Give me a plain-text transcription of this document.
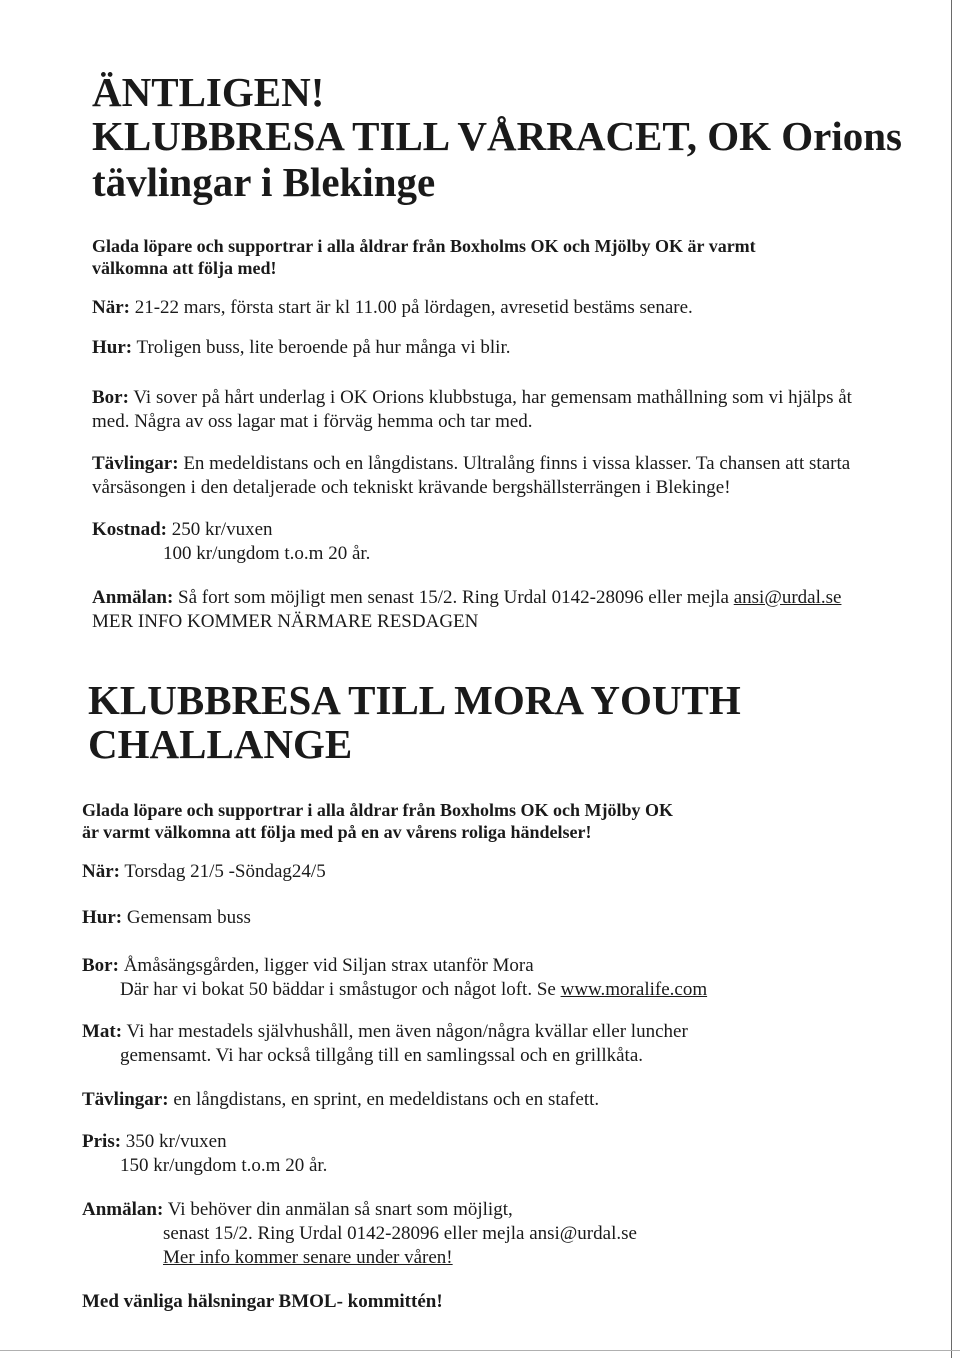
ÄNTLIGEN!
KLUBBRESA TILL VÅRRACET, OK Orions
tävlingar i Blekinge
Glada löpare och supportrar i alla åldrar från Boxholms OK och Mjölby OK är varmt
välkomna att följa med!
När: 21-22 mars, första start är kl 11.00 på lördagen, avresetid bestäms senare.
Hur: Troligen buss, lite beroende på hur många vi blir.
Bor: Vi sover på hårt underlag i OK Orions klubbstuga, har gemensam mathållning som vi hjälps åt
med. Några av oss lagar mat i förväg hemma och tar med.
Tävlingar: En medeldistans och en långdistans. Ultralång finns i vissa klasser. Ta chansen att starta
vårsäsongen i den detaljerade och tekniskt krävande bergshällsterrängen i Blekinge!
Kostnad: 250 kr/vuxen
100 kr/ungdom t.o.m 20 år.
Anmälan: Så fort som möjligt men senast 15/2. Ring Urdal 0142-28096 eller mejla ansi@urdal.se
MER INFO KOMMER NÄRMARE RESDAGEN
KLUBBRESA TILL MORA YOUTH
CHALLANGE
Glada löpare och supportrar i alla åldrar från Boxholms OK och Mjölby OK
är varmt välkomna att följa med på en av vårens roliga händelser!
När: Torsdag 21/5 -Söndag24/5
Hur: Gemensam buss
Bor: Åmåsängsgården, ligger vid Siljan strax utanför Mora
Där har vi bokat 50 bäddar i småstugor och något loft. Se www.moralife.com
Mat: Vi har mestadels självhushåll, men även någon/några kvällar eller luncher
gemensamt. Vi har också tillgång till en samlingssal och en grillkåta.
Tävlingar: en långdistans, en sprint, en medeldistans och en stafett.
Pris: 350 kr/vuxen
150 kr/ungdom t.o.m 20 år.
Anmälan: Vi behöver din anmälan så snart som möjligt,
senast 15/2. Ring Urdal 0142-28096 eller mejla ansi@urdal.se
Mer info kommer senare under våren!
Med vänliga hälsningar BMOL- kommittén!
